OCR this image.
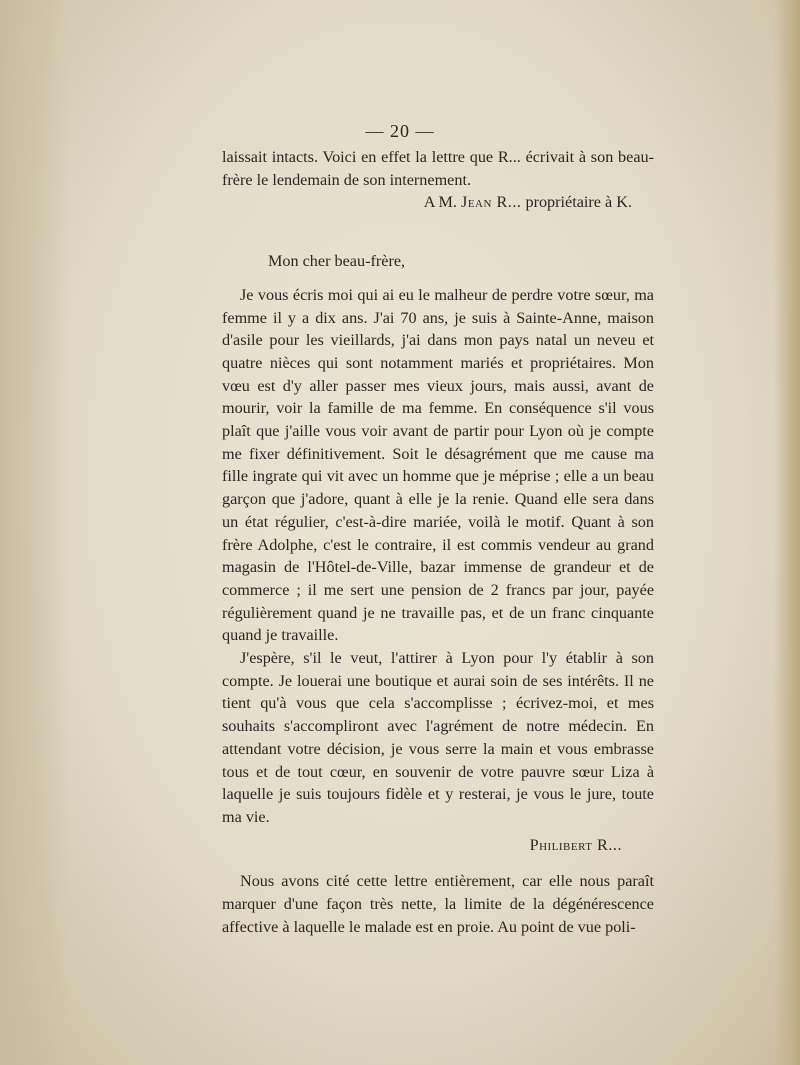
— 20 —

laissait intacts. Voici en effet la lettre que R... écrivait à son beau-frère le lendemain de son internement.

A M. Jean R... propriétaire à K.

Mon cher beau-frère,

Je vous écris moi qui ai eu le malheur de perdre votre sœur, ma femme il y a dix ans. J'ai 70 ans, je suis à Sainte-Anne, maison d'asile pour les vieillards, j'ai dans mon pays natal un neveu et quatre nièces qui sont notamment mariés et propriétaires. Mon vœu est d'y aller passer mes vieux jours, mais aussi, avant de mourir, voir la famille de ma femme. En conséquence s'il vous plaît que j'aille vous voir avant de partir pour Lyon où je compte me fixer définitivement. Soit le désagrément que me cause ma fille ingrate qui vit avec un homme que je méprise ; elle a un beau garçon que j'adore, quant à elle je la renie. Quand elle sera dans un état régulier, c'est-à-dire mariée, voilà le motif. Quant à son frère Adolphe, c'est le contraire, il est commis vendeur au grand magasin de l'Hôtel-de-Ville, bazar immense de grandeur et de commerce ; il me sert une pension de 2 francs par jour, payée régulièrement quand je ne travaille pas, et de un franc cinquante quand je travaille.

J'espère, s'il le veut, l'attirer à Lyon pour l'y établir à son compte. Je louerai une boutique et aurai soin de ses intérêts. Il ne tient qu'à vous que cela s'accomplisse ; écrivez-moi, et mes souhaits s'accompliront avec l'agrément de notre médecin. En attendant votre décision, je vous serre la main et vous embrasse tous et de tout cœur, en souvenir de votre pauvre sœur Liza à laquelle je suis toujours fidèle et y resterai, je vous le jure, toute ma vie.

Philibert R...

Nous avons cité cette lettre entièrement, car elle nous paraît marquer d'une façon très nette, la limite de la dégénérescence affective à laquelle le malade est en proie. Au point de vue poli-
